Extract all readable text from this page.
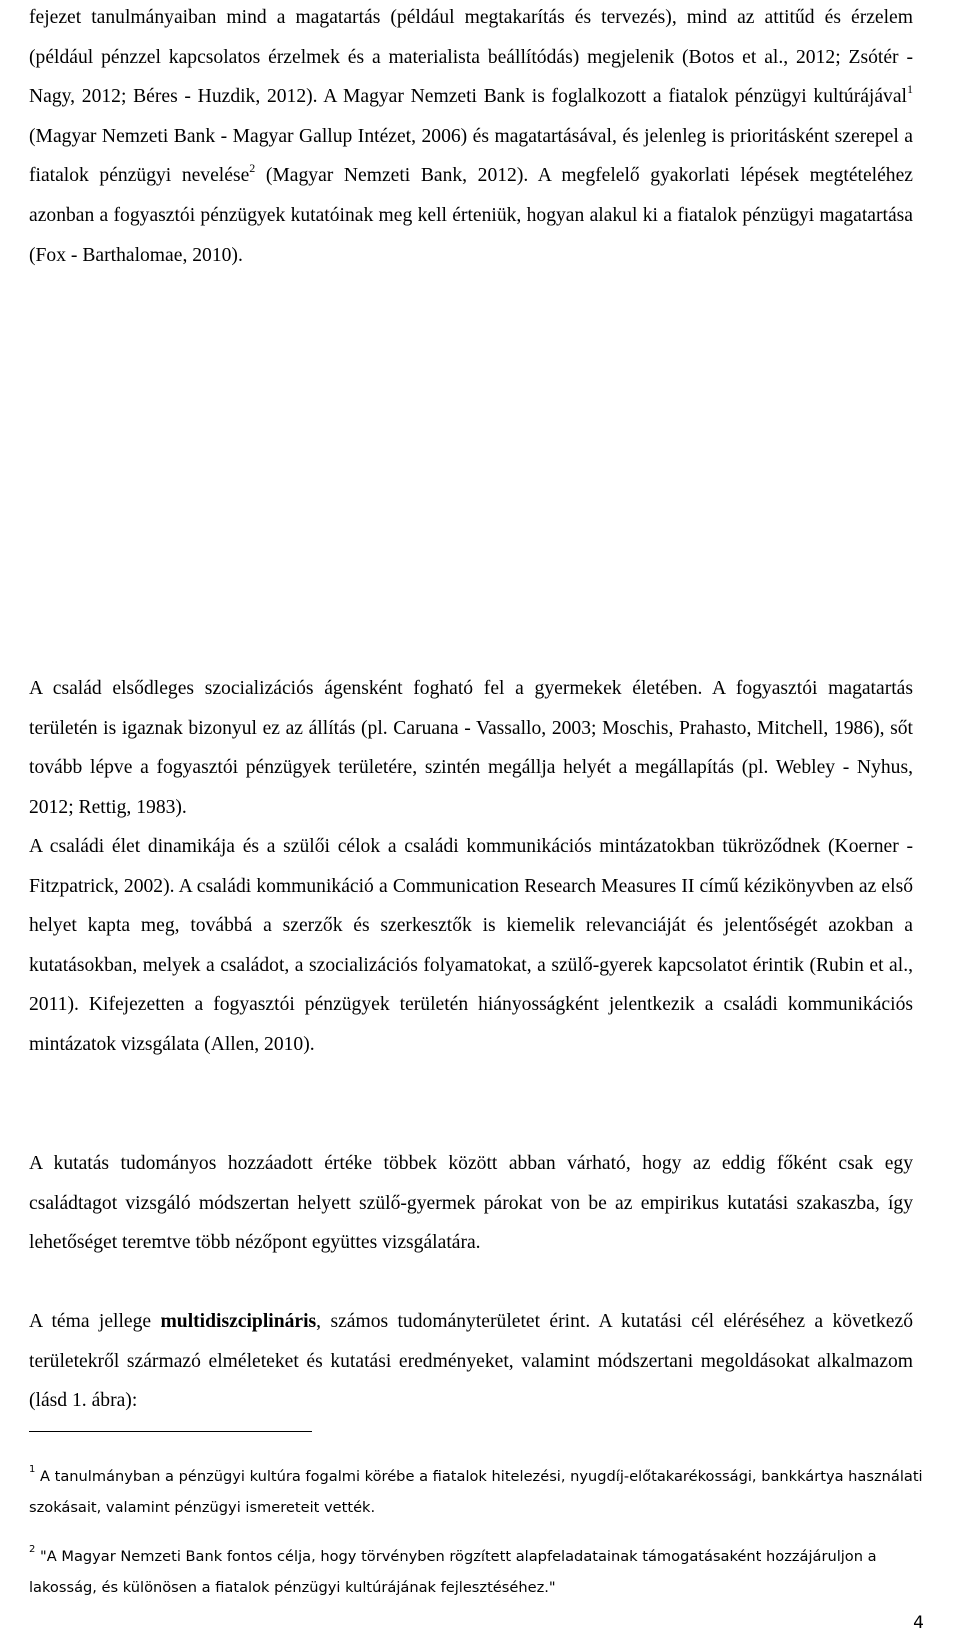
fejezet tanulmányaiban mind a magatartás (például megtakarítás és tervezés), mind az attitűd és érzelem (például pénzzel kapcsolatos érzelmek és a materialista beállítódás) megjelenik (Botos et al., 2012; Zsótér - Nagy, 2012; Béres - Huzdik, 2012). A Magyar Nemzeti Bank is foglalkozott a fiatalok pénzügyi kultúrájával$^1$ (Magyar Nemzeti Bank - Magyar Gallup Intézet, 2006) és magatartásával, és jelenleg is prioritásként szerepel a fiatalok pénzügyi nevelése$^2$ (Magyar Nemzeti Bank, 2012). A megfelelő gyakorlati lépések megtételéhez azonban a fogyasztói pénzügyek kutatóinak meg kell érteniük, hogyan alakul ki a fiatalok pénzügyi magatartása (Fox - Barthalomae, 2010).

A család elsődleges szocializációs ágensként fogható fel a gyermekek életében. A fogyasztói magatartás területén is igaznak bizonyul ez az állítás (pl. Caruana - Vassallo, 2003; Moschis, Prahasto, Mitchell, 1986), sőt tovább lépve a fogyasztói pénzügyek területére, szintén megállja helyét a megállapítás (pl. Webley - Nyhus, 2012; Rettig, 1983).

A családi élet dinamikája és a szülői célok a családi kommunikációs mintázatokban tükröződnek (Koerner - Fitzpatrick, 2002). A családi kommunikáció a Communication Research Measures II című kézikönyvben az első helyet kapta meg, továbbá a szerzők és szerkesztők is kiemelik relevanciáját és jelentőségét azokban a kutatásokban, melyek a családot, a szocializációs folyamatokat, a szülő-gyerek kapcsolatot érintik (Rubin et al., 2011). Kifejezetten a fogyasztói pénzügyek területén hiányosságként jelentkezik a családi kommunikációs mintázatok vizsgálata (Allen, 2010).

A kutatás tudományos hozzáadott értéke többek között abban várható, hogy az eddig főként csak egy családtagot vizsgáló módszertan helyett szülő-gyermek párokat von be az empirikus kutatási szakaszba, így lehetőséget teremtve több nézőpont együttes vizsgálatára.

A téma jellege multidiszciplináris, számos tudományterületet érint. A kutatási cél eléréséhez a következő területekről származó elméleteket és kutatási eredményeket, valamint módszertani megoldásokat alkalmazom (lásd 1. ábra):

$^1$ A tanulmányban a pénzügyi kultúra fogalmi körébe a fiatalok hitelezési, nyugdíj-előtakarékossági, bankkártya használati szokásait, valamint pénzügyi ismereteit vették.

$^2$ "A Magyar Nemzeti Bank fontos célja, hogy törvényben rögzített alapfeladatainak támogatásaként hozzájáruljon a lakosság, és különösen a fiatalok pénzügyi kultúrájának fejlesztéséhez."

4
